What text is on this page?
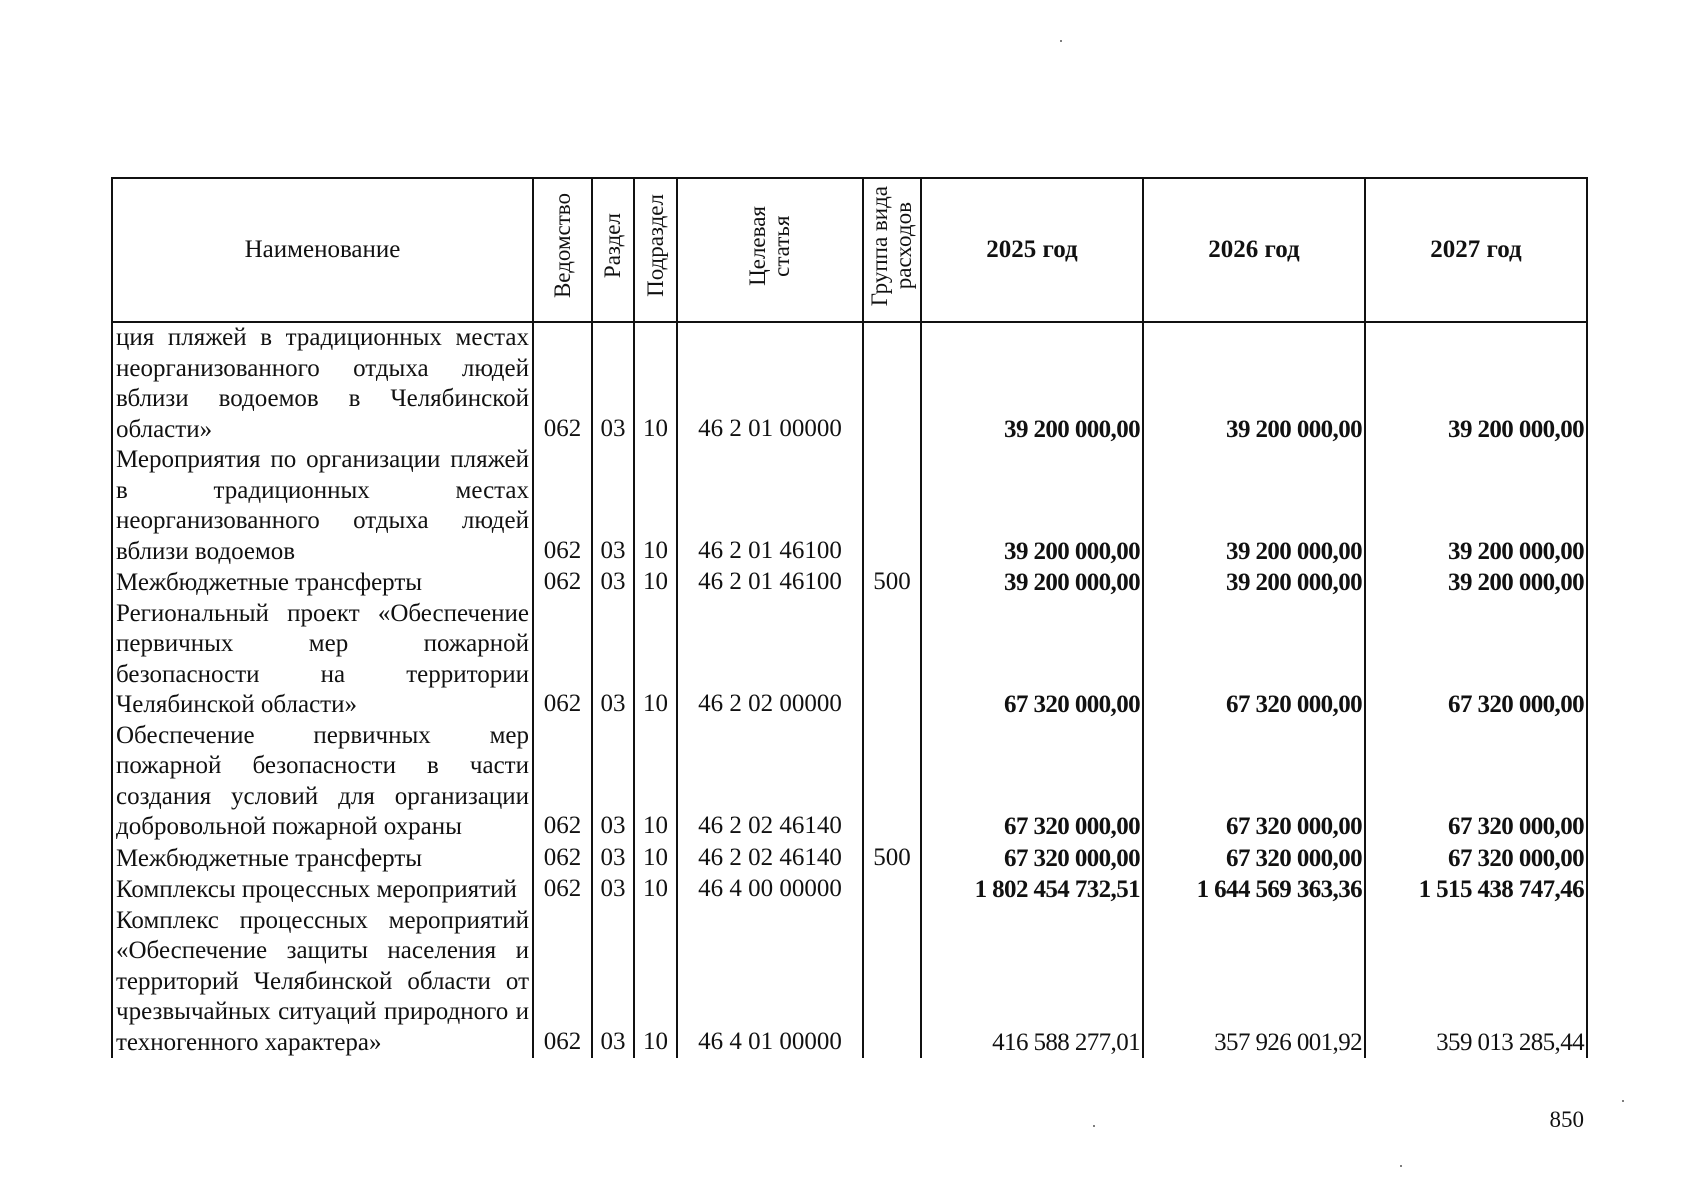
Наименование	Ведомство	Раздел	Подраздел	Целевая статья	Группа вида расходов	2025 год	2026 год	2027 год
ция пляжей в традиционных местах неорганизованного отдыха людей вблизи водоемов в Челябинской области»	062	03	10	46 2 01 00000		39 200 000,00	39 200 000,00	39 200 000,00
Мероприятия по организации пляжей в традиционных местах неорганизованного отдыха людей вблизи водоемов	062	03	10	46 2 01 46100		39 200 000,00	39 200 000,00	39 200 000,00
Межбюджетные трансферты	062	03	10	46 2 01 46100	500	39 200 000,00	39 200 000,00	39 200 000,00
Региональный проект «Обеспечение первичных мер пожарной безопасности на территории Челябинской области»	062	03	10	46 2 02 00000		67 320 000,00	67 320 000,00	67 320 000,00
Обеспечение первичных мер пожарной безопасности в части создания условий для организации добровольной пожарной охраны	062	03	10	46 2 02 46140		67 320 000,00	67 320 000,00	67 320 000,00
Межбюджетные трансферты	062	03	10	46 2 02 46140	500	67 320 000,00	67 320 000,00	67 320 000,00
Комплексы процессных мероприятий	062	03	10	46 4 00 00000		1 802 454 732,51	1 644 569 363,36	1 515 438 747,46
Комплекс процессных мероприятий «Обеспечение защиты населения и территорий Челябинской области от чрезвычайных ситуаций природного и техногенного характера»	062	03	10	46 4 01 00000		416 588 277,01	357 926 001,92	359 013 285,44
850
